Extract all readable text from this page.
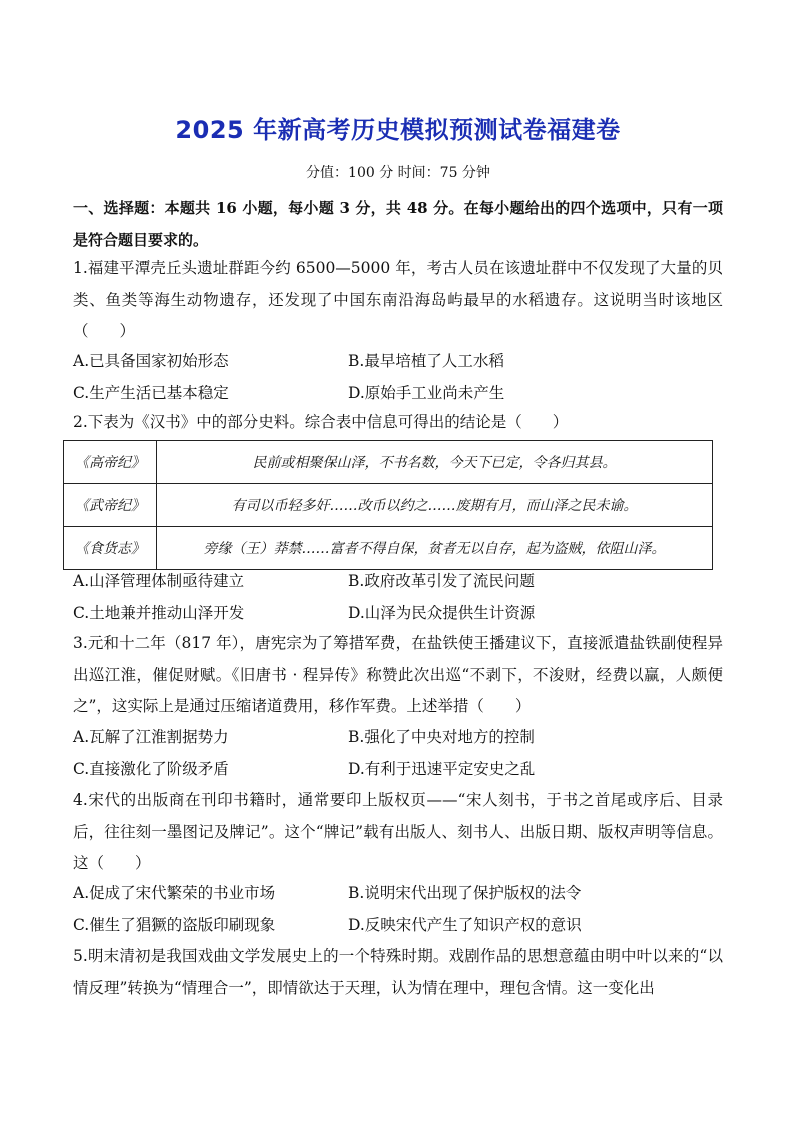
2025 年新高考历史模拟预测试卷福建卷
分值：100 分 时间：75 分钟
一、选择题：本题共 16 小题，每小题 3 分，共 48 分。在每小题给出的四个选项中，只有一项是符合题目要求的。
1.福建平潭壳丘头遗址群距今约 6500—5000 年，考古人员在该遗址群中不仅发现了大量的贝类、鱼类等海生动物遗存，还发现了中国东南沿海岛屿最早的水稻遗存。这说明当时该地区（　　）
A.已具备国家初始形态	B.最早培植了人工水稻
C.生产生活已基本稳定	D.原始手工业尚未产生
2.下表为《汉书》中的部分史料。综合表中信息可得出的结论是（　　）
《高帝纪》	民前或相聚保山泽，不书名数，今天下已定，令各归其县。
《武帝纪》	有司以币轻多奸……改币以约之……废期有月，而山泽之民未谕。
《食货志》	旁缘（王）莽禁……富者不得自保，贫者无以自存，起为盗贼，依阻山泽。
A.山泽管理体制亟待建立	B.政府改革引发了流民问题
C.土地兼并推动山泽开发	D.山泽为民众提供生计资源
3.元和十二年（817 年），唐宪宗为了筹措军费，在盐铁使王播建议下，直接派遣盐铁副使程异出巡江淮，催促财赋。《旧唐书 · 程异传》称赞此次出巡“不剥下，不浚财，经费以赢，人颇便之”，这实际上是通过压缩诸道费用，移作军费。上述举措（　　）
A.瓦解了江淮割据势力	B.强化了中央对地方的控制
C.直接激化了阶级矛盾	D.有利于迅速平定安史之乱
4.宋代的出版商在刊印书籍时，通常要印上版权页——“宋人刻书，于书之首尾或序后、目录后，往往刻一墨图记及牌记”。这个“牌记”载有出版人、刻书人、出版日期、版权声明等信息。这（　　）
A.促成了宋代繁荣的书业市场	B.说明宋代出现了保护版权的法令
C.催生了猖獗的盗版印刷现象	D.反映宋代产生了知识产权的意识
5.明末清初是我国戏曲文学发展史上的一个特殊时期。戏剧作品的思想意蕴由明中叶以来的“以情反理”转换为“情理合一”，即情欲达于天理，认为情在理中，理包含情。这一变化出
